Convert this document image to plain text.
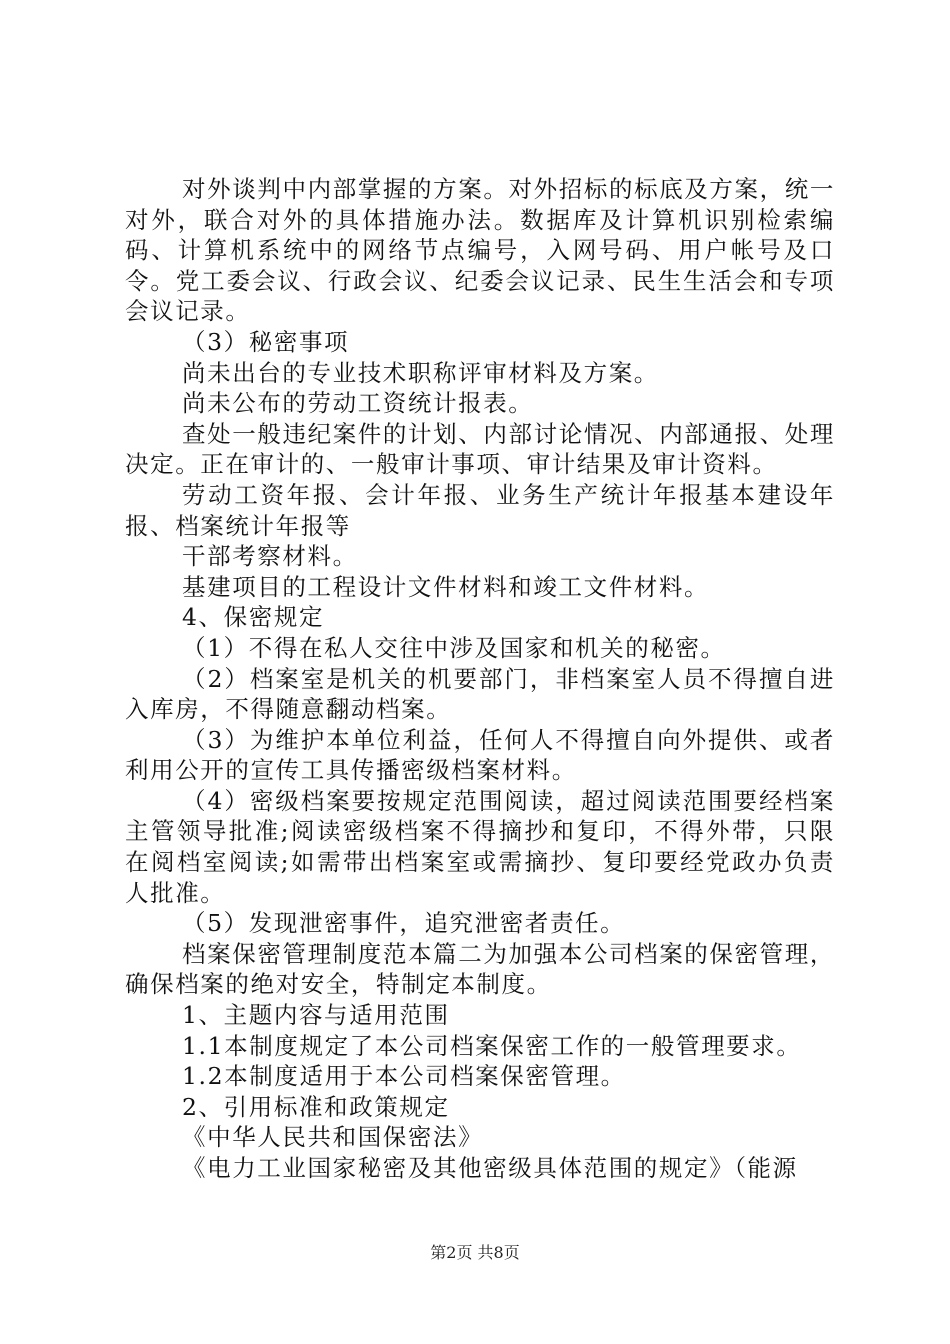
对外谈判中内部掌握的方案。对外招标的标底及方案，统一对外，联合对外的具体措施办法。数据库及计算机识别检索编码、计算机系统中的网络节点编号，入网号码、用户帐号及口令。党工委会议、行政会议、纪委会议记录、民生生活会和专项会议记录。

（3）秘密事项

尚未出台的专业技术职称评审材料及方案。

尚未公布的劳动工资统计报表。

查处一般违纪案件的计划、内部讨论情况、内部通报、处理决定。正在审计的、一般审计事项、审计结果及审计资料。

劳动工资年报、会计年报、业务生产统计年报基本建设年报、档案统计年报等

干部考察材料。

基建项目的工程设计文件材料和竣工文件材料。

4、保密规定

（1）不得在私人交往中涉及国家和机关的秘密。

（2）档案室是机关的机要部门，非档案室人员不得擅自进入库房，不得随意翻动档案。

（3）为维护本单位利益，任何人不得擅自向外提供、或者利用公开的宣传工具传播密级档案材料。

（4）密级档案要按规定范围阅读，超过阅读范围要经档案主管领导批准;阅读密级档案不得摘抄和复印，不得外带，只限在阅档室阅读;如需带出档案室或需摘抄、复印要经党政办负责人批准。

（5）发现泄密事件，追究泄密者责任。

档案保密管理制度范本篇二为加强本公司档案的保密管理，确保档案的绝对安全，特制定本制度。

1、主题内容与适用范围

1.1本制度规定了本公司档案保密工作的一般管理要求。

1.2本制度适用于本公司档案保密管理。

2、引用标准和政策规定

《中华人民共和国保密法》

《电力工业国家秘密及其他密级具体范围的规定》（能源

第2页 共8页
